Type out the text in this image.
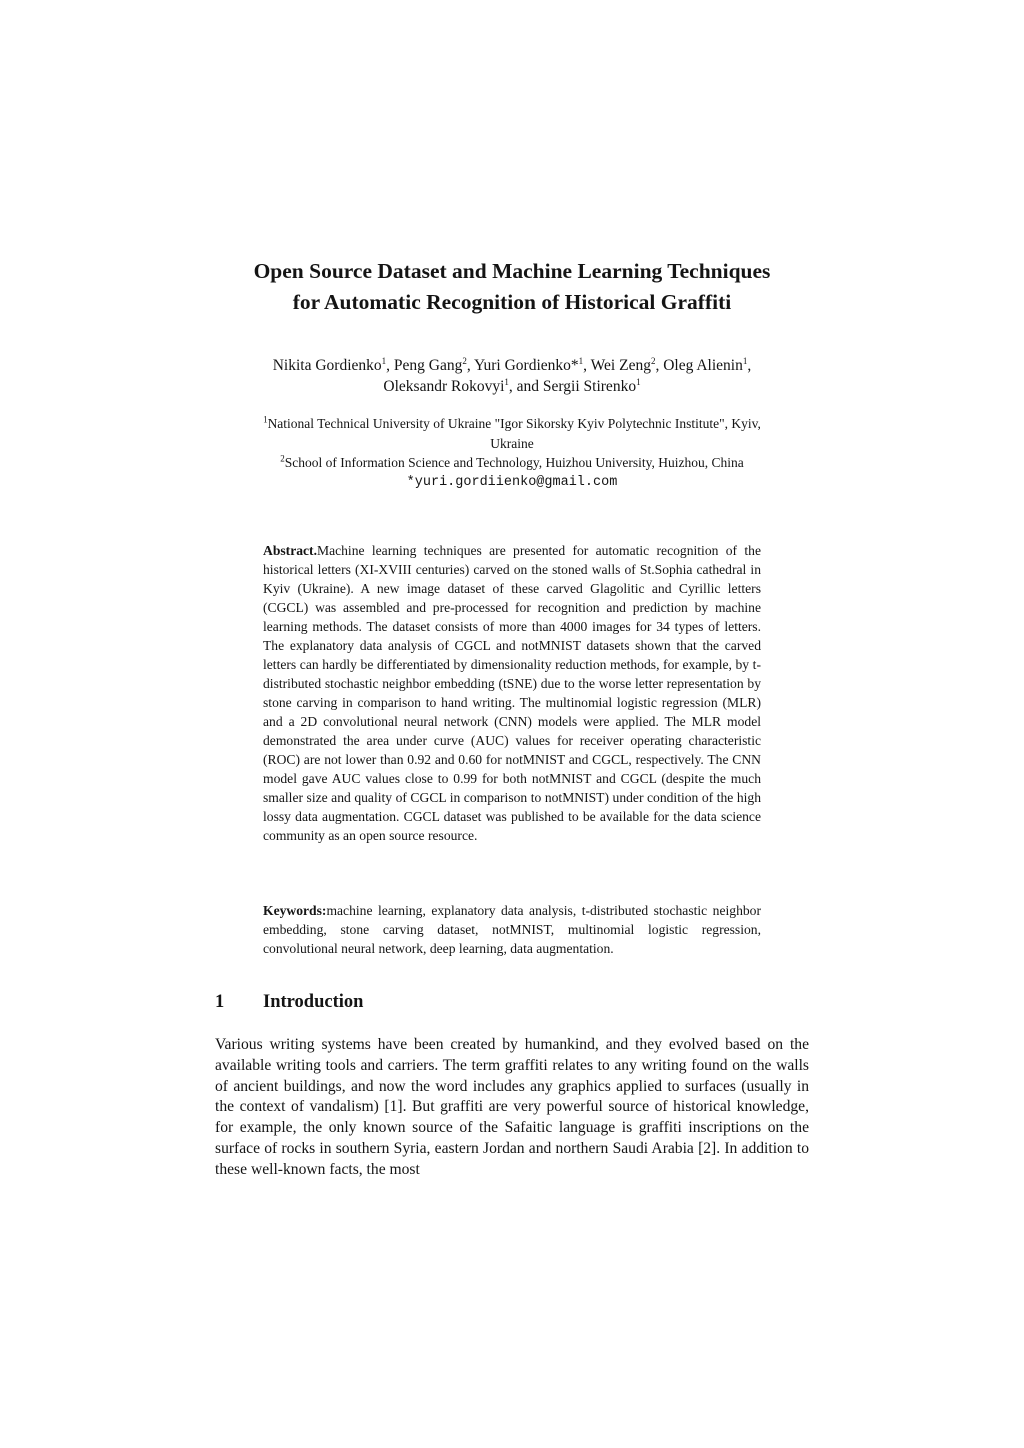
Open Source Dataset and Machine Learning Techniques
for Automatic Recognition of Historical Graffiti
Nikita Gordienko$^1$, Peng Gang$^2$, Yuri Gordienko*$^1$, Wei Zeng$^2$, Oleg Alienin$^1$,
Oleksandr Rokovyi$^1$, and Sergii Stirenko$^1$
$^1$National Technical University of Ukraine "Igor Sikorsky Kyiv Polytechnic Institute", Kyiv,
Ukraine
$^2$School of Information Science and Technology, Huizhou University, Huizhou, China
*yuri.gordiienko@gmail.com

Abstract.Machine learning techniques are presented for automatic recognition of the historical letters (XI-XVIII centuries) carved on the stoned walls of St.Sophia cathedral in Kyiv (Ukraine). A new image dataset of these carved Glagolitic and Cyrillic letters (CGCL) was assembled and pre-processed for recognition and prediction by machine learning methods. The dataset consists of more than 4000 images for 34 types of letters. The explanatory data analysis of CGCL and notMNIST datasets shown that the carved letters can hardly be differentiated by dimensionality reduction methods, for example, by t-distributed stochastic neighbor embedding (tSNE) due to the worse letter representation by stone carving in comparison to hand writing. The multinomial logistic regression (MLR) and a 2D convolutional neural network (CNN) models were applied. The MLR model demonstrated the area under curve (AUC) values for receiver operating characteristic (ROC) are not lower than 0.92 and 0.60 for notMNIST and CGCL, respectively. The CNN model gave AUC values close to 0.99 for both notMNIST and CGCL (despite the much smaller size and quality of CGCL in comparison to notMNIST) under condition of the high lossy data augmentation. CGCL dataset was published to be available for the data science community as an open source resource.

Keywords:machine learning, explanatory data analysis, t-distributed stochastic neighbor embedding, stone carving dataset, notMNIST, multinomial logistic regression, convolutional neural network, deep learning, data augmentation.

1 Introduction

Various writing systems have been created by humankind, and they evolved based on the available writing tools and carriers. The term graffiti relates to any writing found on the walls of ancient buildings, and now the word includes any graphics applied to surfaces (usually in the context of vandalism) [1]. But graffiti are very powerful source of historical knowledge, for example, the only known source of the Safaitic language is graffiti inscriptions on the surface of rocks in southern Syria, eastern Jordan and northern Saudi Arabia [2]. In addition to these well-known facts, the most
